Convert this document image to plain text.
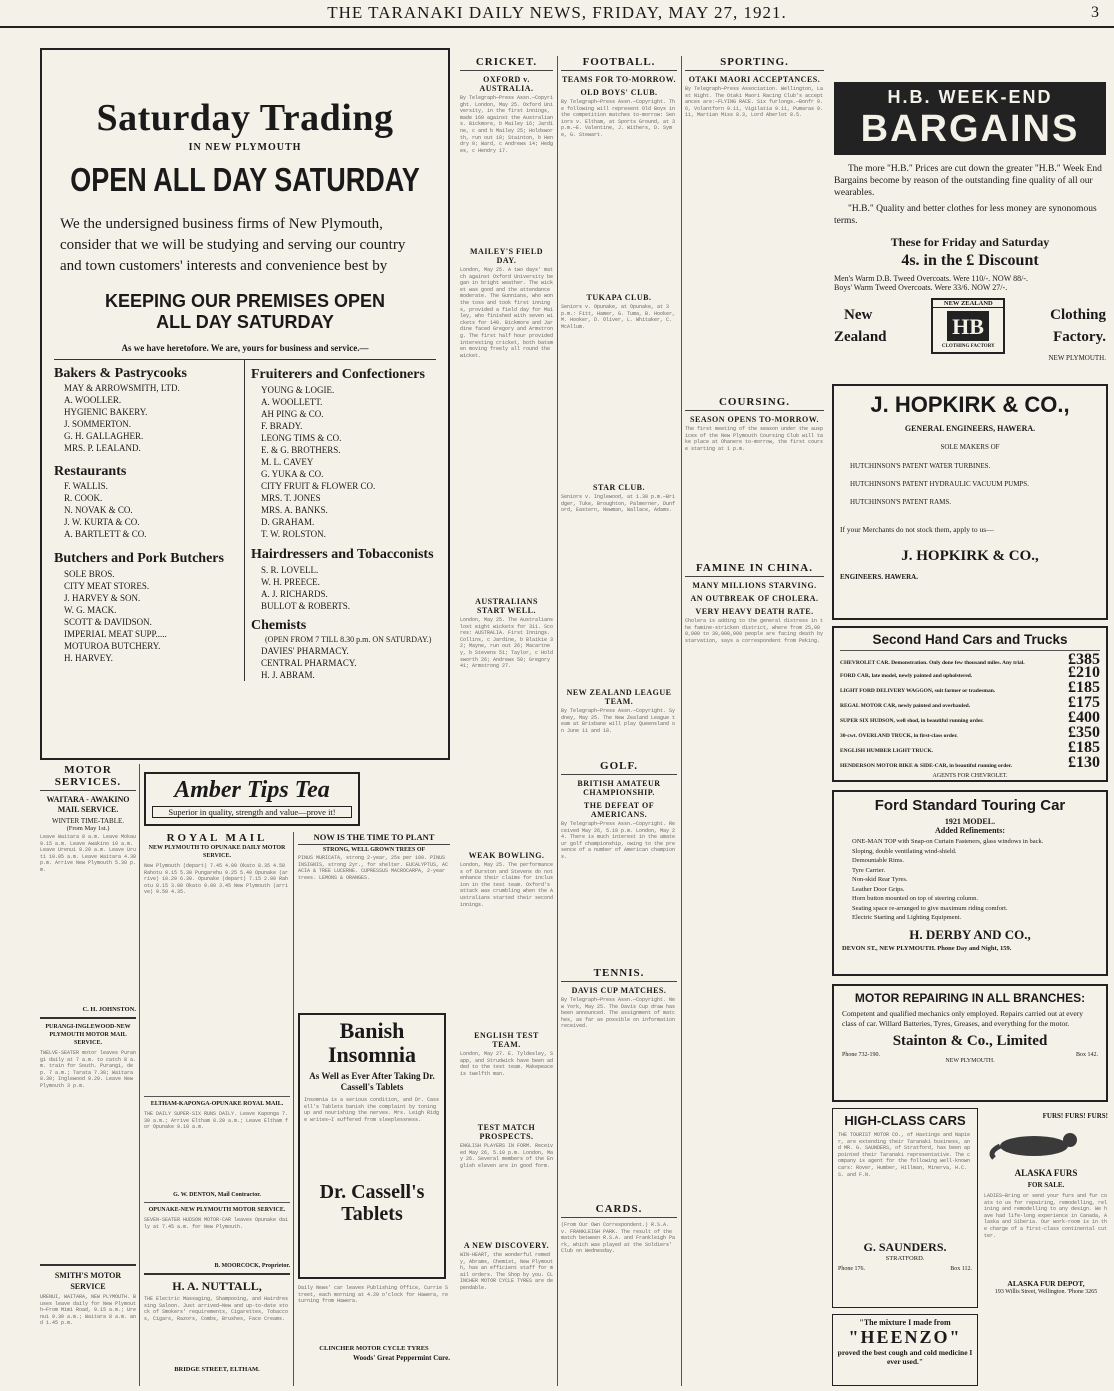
THE TARANAKI DAILY NEWS, FRIDAY, MAY 27, 1921.	3
Saturday Trading
IN NEW PLYMOUTH
OPEN ALL DAY SATURDAY
We the undersigned business firms of New Plymouth, consider that we will be studying and serving our country and town customers' interests and convenience best by
KEEPING OUR PREMISES OPEN
ALL DAY SATURDAY
As we have heretofore. We are, yours for business and service.—
Bakers & Pastrycooks
MAY & ARROWSMITH, LTD.
A. WOOLLER.
HYGIENIC BAKERY.
J. SOMMERTON.
G. H. GALLAGHER.
MRS. P. LEALAND.
Restaurants
F. WALLIS.
R. COOK.
N. NOVAK & CO.
J. W. KURTA & CO.
A. BARTLETT & CO.
Butchers and Pork Butchers
SOLE BROS.
CITY MEAT STORES.
J. HARVEY & SON.
W. G. MACK.
SCOTT & DAVIDSON.
IMPERIAL MEAT SUPP.....
MOTUROA BUTCHERY.
H. HARVEY.
Fruiterers and Confectioners
YOUNG & LOGIE.
A. WOOLLETT.
AH PING & CO.
F. BRADY.
LEONG TIMS & CO.
E. & G. BROTHERS.
M. L. CAVEY
G. YUKA & CO.
CITY FRUIT & FLOWER CO.
MRS. T. JONES
MRS. A. BANKS.
D. GRAHAM.
T. W. ROLSTON.
Hairdressers and Tobacconists
S. R. LOVELL.
W. H. PREECE.
A. J. RICHARDS.
BULLOT & ROBERTS.
Chemists
(OPEN FROM 7 TILL 8.30 p.m. ON SATURDAY.)
DAVIES' PHARMACY.
CENTRAL PHARMACY.
H. J. ABRAM.
CRICKET.
OXFORD v. AUSTRALIA.
By Telegraph—Press Assn.—Copyright. London, May 25. Oxford University, in the first innings, made 169 against the Australians. Bickmore, b Mailey 16; Jardine, c and b Mailey 25; Holdsworth, run out 10; Stainton, b Hendry 0; Ward, c Andrews 14; Hedges, c Hendry 17.
MAILEY'S FIELD DAY.
London, May 25. A two days' match against Oxford University began in bright weather. The wicket was good and the attendance moderate. The Gunnians, who won the toss and took first innings, provided a field day for Mailey, who finished with seven wickets for 140. Bickmore and Jardine faced Gregory and Armstrong. The first half hour provided interesting cricket, both batsmen moving freely all round the wicket.
AUSTRALIANS START WELL.
London, May 25. The Australians lost eight wickets for 311. Scores: AUSTRALIA. First Innings. Collins, c Jardine, b Blaikie 32; Mayne, run out 26; Macartney, b Stevens 51; Taylor, c Holdsworth 26; Andrews 50; Gregory 41; Armstrong 27.
WEAK BOWLING.
London, May 25. The performances of Durston and Stevens do not enhance their claims for inclusion in the test team. Oxford's attack was crumbling when the Australians started their second innings.
ENGLISH TEST TEAM.
London, May 27. E. Tyldesley, Sapp, and Strudwick have been added to the test team. Makepeace is twelfth man.
TEST MATCH PROSPECTS.
ENGLISH PLAYERS IN FORM. Received May 26, 5.10 p.m. London, May 26. Several members of the English eleven are in good form.
A NEW DISCOVERY.
WIN-HEART, the wonderful remedy, Abrams, Chemist, New Plymouth, has an efficient staff for mail orders. The Shop by you. CLINCHER MOTOR CYCLE TYRES are dependable.
FOOTBALL.
TEAMS FOR TO-MORROW.
OLD BOYS' CLUB.
By Telegraph—Press Assn.—Copyright. The following will represent Old Boys in the competition matches to-morrow: Seniors v. Eltham, at Sports Ground, at 3 p.m.—E. Valentine, J. Withers, D. Syme, G. Stewart.
TUKAPA CLUB.
Seniors v. Opunake, at Opunake, at 3 p.m.: Fitt, Hamer, G. Tuma, B. Hooker, M. Hooker, D. Oliver, L. Whitaker, C. McAllum.
STAR CLUB.
Seniors v. Inglewood, at 1.30 p.m.—Bridger, Tuke, Broughton, Palmerner, Dunford, Eastern, Newman, Wallace, Adams.
NEW ZEALAND LEAGUE TEAM.
By Telegraph—Press Assn.—Copyright. Sydney, May 25. The New Zealand League team at Brisbane will play Queensland on June 11 and 18.
GOLF.
BRITISH AMATEUR CHAMPIONSHIP.
THE DEFEAT OF AMERICANS.
By Telegraph—Press Assn.—Copyright. Received May 26, 5.10 p.m. London, May 24. There is much interest in the amateur golf championship, owing to the presence of a number of American champions.
TENNIS.
DAVIS CUP MATCHES.
By Telegraph—Press Assn.—Copyright. New York, May 25. The Davis Cup draw has been announced. The assignment of matches, as far as possible on information received.
CARDS.
(From Our Own Correspondent.) R.S.A. v. FRANKLEIGH PARK. The result of the match between R.S.A. and Frankleigh Park, which was played at the Soldiers' Club on Wednesday.
SPORTING.
OTAKI MAORI ACCEPTANCES.
By Telegraph—Press Association. Wellington, Last Night. The Otaki Maori Racing Club's acceptances are:—FLYING RACE. Six furlongs.—Bonfr 9.6, Volantforn 9.11, Vigilatia 9.11, Pumaras 9.11, Martian Miss 8.3, Lord Aberlot 8.5.
COURSING.
SEASON OPENS TO-MORROW.
The first meeting of the season under the auspices of the New Plymouth Coursing Club will take place at Ohanere to-morrow, the first course starting at 1 p.m.
FAMINE IN CHINA.
MANY MILLIONS STARVING.
AN OUTBREAK OF CHOLERA.
VERY HEAVY DEATH RATE.
Cholera is adding to the general distress in the famine-stricken district, where from 25,000,000 to 30,000,000 people are facing death by starvation, says a correspondent from Peking.
H.B. WEEK-END
BARGAINS
The more "H.B." Prices are cut down the greater "H.B." Week End Bargains become by reason of the outstanding fine quality of all our wearables.
"H.B." Quality and better clothes for less money are synonomous terms.
These for Friday and Saturday
4s. in the £ Discount
Men's Warm D.B. Tweed Overcoats. Were 110/-. NOW 88/-.
Boys' Warm Tweed Overcoats. Were 33/6. NOW 27/-.
New
Zealand
NEW ZEALAND
HB
CLOTHING FACTORY
Clothing
Factory.
NEW PLYMOUTH.
J. HOPKIRK & CO.,
GENERAL ENGINEERS, HAWERA.
SOLE MAKERS OF
HUTCHINSON'S PATENT WATER TURBINES.
HUTCHINSON'S PATENT HYDRAULIC VACUUM PUMPS.
HUTCHINSON'S PATENT RAMS.
If your Merchants do not stock them, apply to us—
J. HOPKIRK & CO.,
ENGINEERS. HAWERA.
Second Hand Cars and Trucks
CHEVROLET CAR. Demonstration. Only done few thousand miles. Any trial.	£385
FORD CAR, late model, newly painted and upholstered.	£210
LIGHT FORD DELIVERY WAGGON, suit farmer or tradesman.	£185
REGAL MOTOR CAR, newly painted and overhauled.	£175
SUPER SIX HUDSON, well shod, in beautiful running order.	£400
30-cwt. OVERLAND TRUCK, in first-class order.	£350
ENGLISH HUMBER LIGHT TRUCK.	£185
HENDERSON MOTOR BIKE & SIDE-CAR, in beautiful running order.	£130
AGENTS FOR CHEVROLET.
Ford Standard Touring Car
1921 MODEL.
Added Refinements:
ONE-MAN TOP with Snap-on Curtain Fasteners, glass windows in back.
Sloping, double ventilating wind-shield.
Demountable Rims.
Tyre Carrier.
Non-skid Rear Tyres.
Leather Door Grips.
Horn button mounted on top of steering column.
Seating space re-arranged to give maximum riding comfort.
Electric Starting and Lighting Equipment.
H. DERBY AND CO.,
DEVON ST., NEW PLYMOUTH. Phone Day and Night, 159.
MOTOR REPAIRING IN ALL BRANCHES:
Competent and qualified mechanics only employed. Repairs carried out at every class of car. Willard Batteries, Tyres, Greases, and everything for the motor.
Stainton & Co., Limited
Phone 732-190.	Box 142.
NEW PLYMOUTH.
HIGH-CLASS CARS
THE TOURIST MOTOR CO., of Hastings and Napier, are extending their Taranaki business, and MR. G. SAUNDERS, of Stratford, has been appointed their Taranaki representative. The company is agent for the following well-known cars: Rover, Humber, Hillman, Minerva, H.C.S. and F.N.
G. SAUNDERS.
STRATFORD.
Phone 176.	Box 112.
"The mixture I made from
"HEENZO"
proved the best cough and cold medicine I ever used."
FURS! FURS! FURS!
ALASKA FURS
FOR SALE.
LADIES—Bring or send your furs and fur coats to us for repairing, remodelling, relining and remodelling to any design. We have had life-long experience in Canada, Alaska and Siberia. Our work-room is in the charge of a first-class continental cutter.
ALASKA FUR DEPOT,
193 Willis Street, Wellington. 'Phone 3265
MOTOR SERVICES.
WAITARA - AWAKINO MAIL SERVICE.
WINTER TIME-TABLE.
(From May 1st.)
Leave Waitara 8 a.m. Leave Mokau 9.15 a.m. Leave Awakino 10 a.m. Leave Urenui 9.20 a.m. Leave Uruti 10.05 a.m. Leave Waitara 4.30 p.m. Arrive New Plymouth 5.30 p.m.
C. H. JOHNSTON.
PURANGI-INGLEWOOD-NEW PLYMOUTH MOTOR MAIL SERVICE.
TWELVE-SEATER motor leaves Purangi daily at 7 a.m. to catch 8 a.m. train for South. Purangi, dep. 7 a.m.; Tarata 7.30; Waitara 8.30; Inglewood 9.20. Leave New Plymouth 3 p.m.
SMITH'S MOTOR SERVICE
URENUI, WAITARA, NEW PLYMOUTH. Buses leave daily for New Plymouth—From Mimi Road, 9.15 a.m.; Urenui 9.30 a.m.; Waitara 8 a.m. and 1.45 p.m.
Amber Tips Tea
Superior in quality, strength and value—prove it!
ROYAL MAIL
NEW PLYMOUTH TO OPUNAKE DAILY MOTOR SERVICE.
New Plymouth (depart) 7.45 4.00 Okato 8.35 4.50 Rahotu 9.15 5.30 Pungarehu 9.25 5.40 Opunake (arrive) 10.20 6.30. Opunake (depart) 7.15 2.00 Rahotu 8.15 3.00 Okato 9.00 3.45 New Plymouth (arrive) 9.50 4.35.
ELTHAM-KAPONGA-OPUNAKE ROYAL MAIL.
THE DAILY SUPER-SIX RUNS DAILY. Leave Kaponga 7.30 a.m.; Arrive Eltham 8.20 a.m.; Leave Eltham for Opunake 9.10 a.m.
G. W. DENTON, Mail Contractor.
OPUNAKE-NEW PLYMOUTH MOTOR SERVICE.
SEVEN-SEATER HUDSON MOTOR-CAR leaves Opunake daily at 7.45 a.m. for New Plymouth.
B. MOORCOCK, Proprietor.
H. A. NUTTALL,
THE Electric Massaging, Shampooing, and Hairdressing Saloon. Just arrived—New and up-to-date stock of Smokers' requirements, Cigarettes, Tobaccos, Cigars, Razors, Combs, Brushes, Face Creams.
BRIDGE STREET, ELTHAM.
NOW IS THE TIME TO PLANT
STRONG, WELL GROWN TREES OF
PINUS MURICATA, strong 2-year, 25s per 100. PINUS INSIGNIS, strong 2yr., for shelter. EUCALYPTUS, ACACIA & TREE LUCERNE. CUPRESSUS MACROCARPA, 2-year trees. LEMONS & ORANGES.
Banish
Insomnia
As Well as Ever After Taking Dr. Cassell's Tablets
Insomnia is a serious condition, and Dr. Cassell's Tablets banish the complaint by toning up and nourishing the nerves. Mrs. Leigh Ridge writes—I suffered from sleeplessness.
Dr. Cassell's
Tablets
Daily News' car leaves Publishing Office, Currie Street, each morning at 4.20 o'clock for Hawera, returning from Hawera.
CLINCHER MOTOR CYCLE TYRES
Woods' Great Peppermint Cure.
